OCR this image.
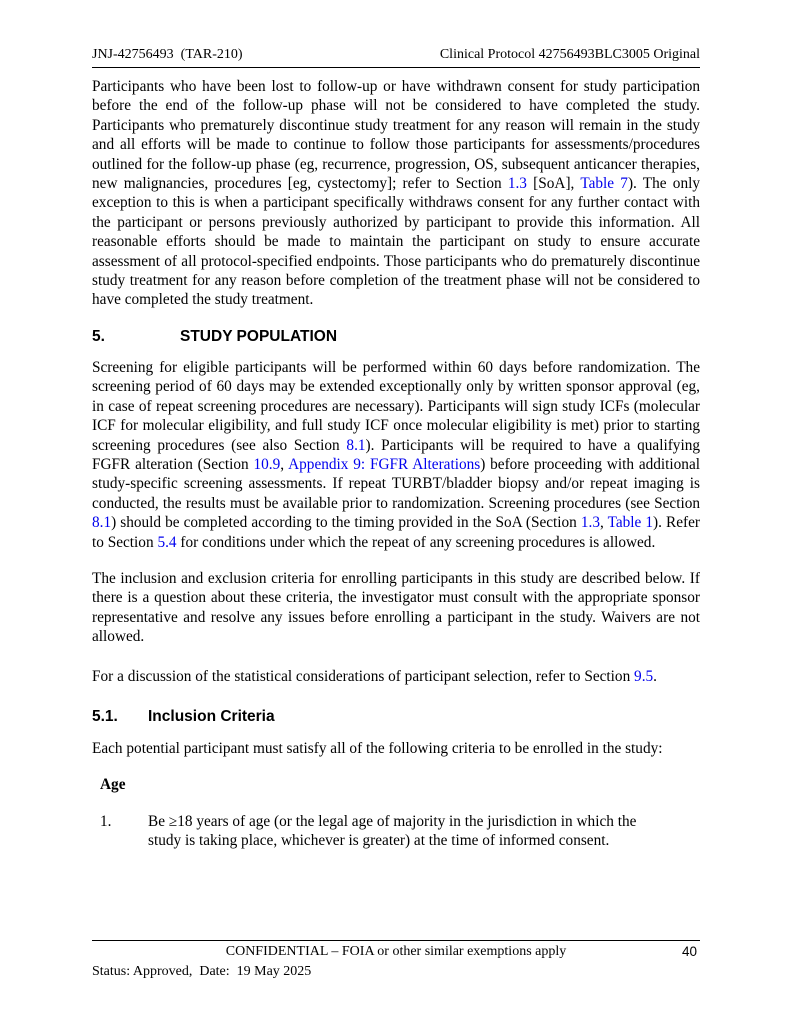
JNJ-42756493  (TAR-210)	Clinical Protocol 42756493BLC3005 Original

Participants who have been lost to follow-up or have withdrawn consent for study participation before the end of the follow-up phase will not be considered to have completed the study. Participants who prematurely discontinue study treatment for any reason will remain in the study and all efforts will be made to continue to follow those participants for assessments/procedures outlined for the follow-up phase (eg, recurrence, progression, OS, subsequent anticancer therapies, new malignancies, procedures [eg, cystectomy]; refer to Section 1.3 [SoA], Table 7). The only exception to this is when a participant specifically withdraws consent for any further contact with the participant or persons previously authorized by participant to provide this information. All reasonable efforts should be made to maintain the participant on study to ensure accurate assessment of all protocol-specified endpoints. Those participants who do prematurely discontinue study treatment for any reason before completion of the treatment phase will not be considered to have completed the study treatment.

5.	STUDY POPULATION

Screening for eligible participants will be performed within 60 days before randomization. The screening period of 60 days may be extended exceptionally only by written sponsor approval (eg, in case of repeat screening procedures are necessary). Participants will sign study ICFs (molecular ICF for molecular eligibility, and full study ICF once molecular eligibility is met) prior to starting screening procedures (see also Section 8.1). Participants will be required to have a qualifying FGFR alteration (Section 10.9, Appendix 9: FGFR Alterations) before proceeding with additional study-specific screening assessments. If repeat TURBT/bladder biopsy and/or repeat imaging is conducted, the results must be available prior to randomization. Screening procedures (see Section 8.1) should be completed according to the timing provided in the SoA (Section 1.3, Table 1). Refer to Section 5.4 for conditions under which the repeat of any screening procedures is allowed.

The inclusion and exclusion criteria for enrolling participants in this study are described below. If there is a question about these criteria, the investigator must consult with the appropriate sponsor representative and resolve any issues before enrolling a participant in the study. Waivers are not allowed.

For a discussion of the statistical considerations of participant selection, refer to Section 9.5.

5.1.	Inclusion Criteria

Each potential participant must satisfy all of the following criteria to be enrolled in the study:

Age
1.	Be ≥18 years of age (or the legal age of majority in the jurisdiction in which the study is taking place, whichever is greater) at the time of informed consent.
CONFIDENTIAL – FOIA or other similar exemptions apply	40
Status: Approved,  Date:  19 May 2025
